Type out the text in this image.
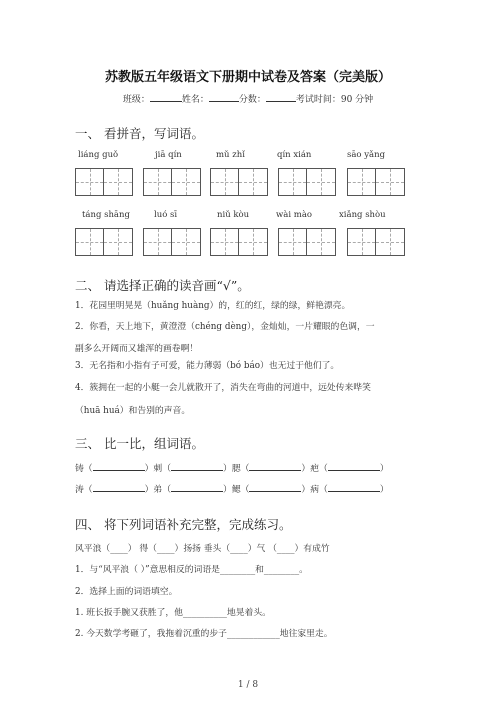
苏教版五年级语文下册期中试卷及答案（完美版）
班级：	姓名：	分数：	考试时间：90 分钟
一、 看拼音，写词语。
liáng guǒ	jiā qín	mǔ zhǐ	qín xián	sāo yǎng
táng shāng	luó sī	niǔ kòu	wài mào	xiǎng shòu
二、 请选择正确的读音画“√”。
1．花园里明晃晃（huǎng huàng）的，红的红，绿的绿，鲜艳漂亮。
2．你看，天上地下，黄澄澄（chéng dèng），金灿灿，一片耀眼的色调，一
副多么开阔而又雄浑的画卷啊！
3．无名指和小指有子可爱，能力薄弱（bó báo）也无过于他们了。
4．簇拥在一起的小艇一会儿就散开了，消失在弯曲的河道中，远处传来哗笑
（huā huá）和告别的声音。
三、 比一比，组词语。
铸（	）刺（	）腮（	）疤（	）
涛（	）弟（	）鳃（	）病（	）
四、 将下列词语补充完整，完成练习。
风平浪（____） 得（____）扬扬 垂头（____）气 （____）有成竹
1．与“风平浪（ ）”意思相反的词语是________和________。
2．选择上面的词语填空。
1. 班长扳手腕又获胜了，他__________地晃着头。
2. 今天数学考砸了，我拖着沉重的步子____________地往家里走。
1 / 8
